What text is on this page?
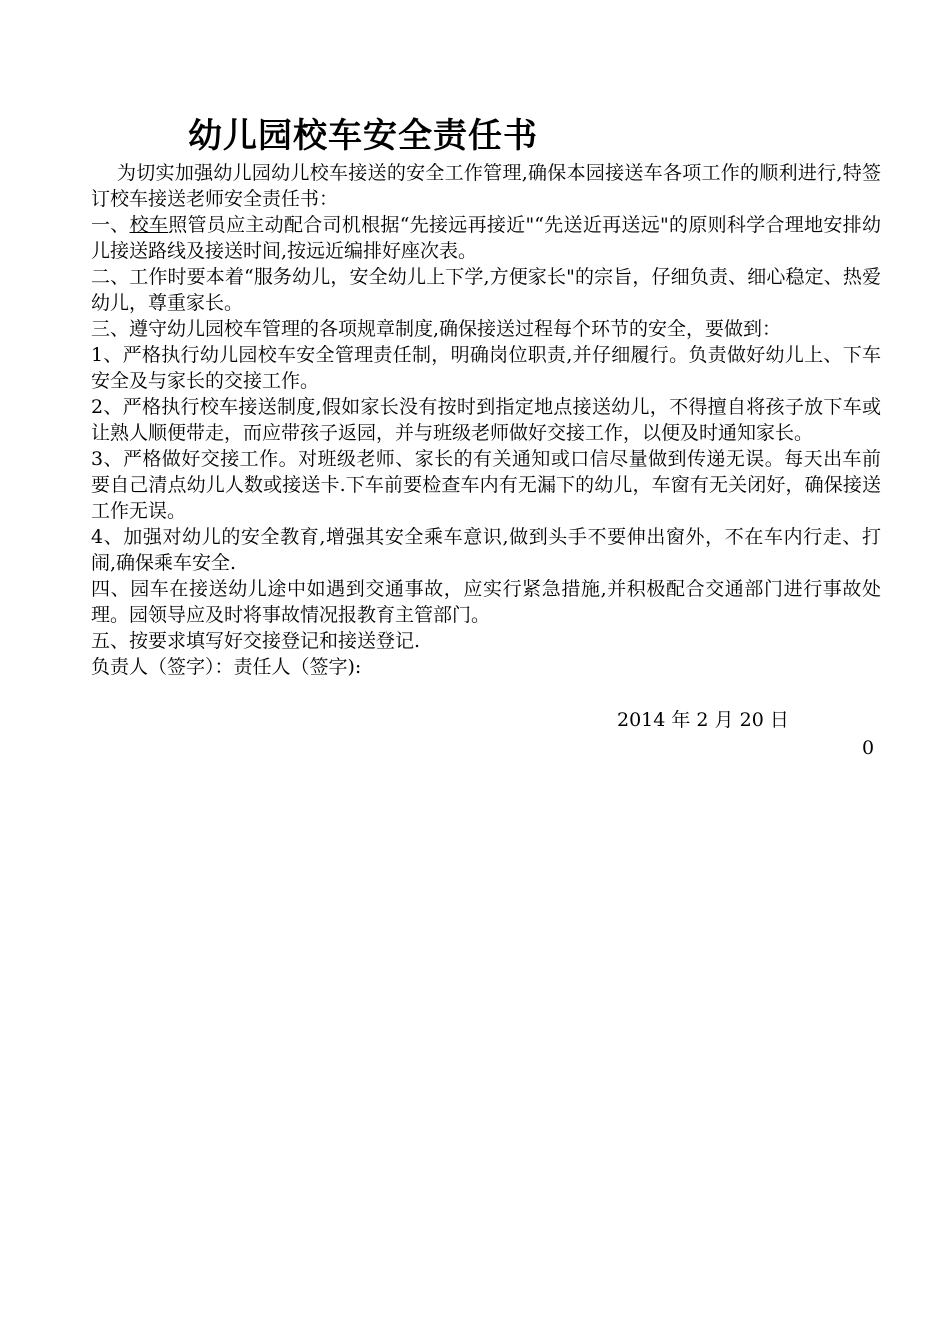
幼儿园校车安全责任书

为切实加强幼儿园幼儿校车接送的安全工作管理,确保本园接送车各项工作的顺利进行,特签订校车接送老师安全责任书：

一、校车照管员应主动配合司机根据“先接远再接近"“先送近再送远"的原则科学合理地安排幼儿接送路线及接送时间,按远近编排好座次表。

二、工作时要本着“服务幼儿，安全幼儿上下学,方便家长"的宗旨，仔细负责、细心稳定、热爱幼儿，尊重家长。

三、遵守幼儿园校车管理的各项规章制度,确保接送过程每个环节的安全，要做到：

1、严格执行幼儿园校车安全管理责任制，明确岗位职责,并仔细履行。负责做好幼儿上、下车安全及与家长的交接工作。

2、严格执行校车接送制度,假如家长没有按时到指定地点接送幼儿，不得擅自将孩子放下车或让熟人顺便带走，而应带孩子返园，并与班级老师做好交接工作，以便及时通知家长。

3、严格做好交接工作。对班级老师、家长的有关通知或口信尽量做到传递无误。每天出车前要自己清点幼儿人数或接送卡.下车前要检查车内有无漏下的幼儿，车窗有无关闭好，确保接送工作无误。

4、加强对幼儿的安全教育,增强其安全乘车意识,做到头手不要伸出窗外，不在车内行走、打闹,确保乘车安全.

四、园车在接送幼儿途中如遇到交通事故，应实行紧急措施,并积极配合交通部门进行事故处理。园领导应及时将事故情况报教育主管部门。

五、按要求填写好交接登记和接送登记.

负责人（签字）：责任人（签字):

2014 年 2 月 20 日
0
